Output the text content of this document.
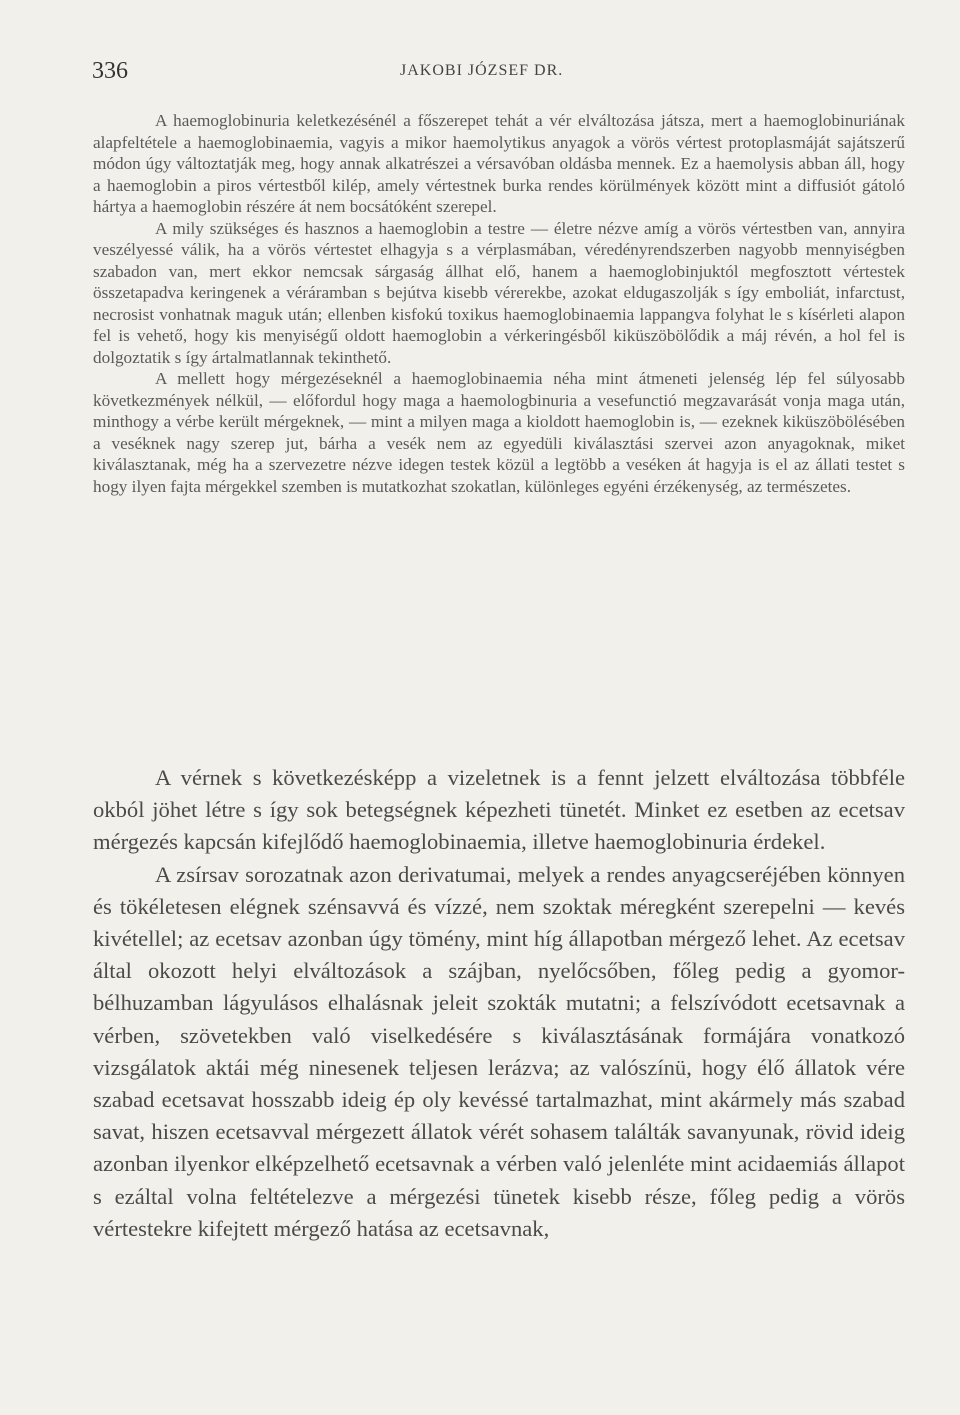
336	JAKOBI JÓZSEF DR.

A haemoglobinuria keletkezésénél a főszerepet tehát a vér elváltozása játsza, mert a haemoglobinuriának alapfeltétele a haemoglobinaemia, vagyis a mikor haemolytikus anyagok a vörös vértest protoplasmáját sajátszerű módon úgy változtatják meg, hogy annak alkatrészei a vérsavóban oldásba mennek. Ez a haemolysis abban áll, hogy a haemoglobin a piros vértestből kilép, amely vértestnek burka rendes körülmények között mint a diffusiót gátoló hártya a haemoglobin részére át nem bocsátóként szerepel.

A mily szükséges és hasznos a haemoglobin a testre — életre nézve amíg a vörös vértestben van, annyira veszélyessé válik, ha a vörös vértestet elhagyja s a vérplasmában, véredényrendszerben nagyobb mennyiségben szabadon van, mert ekkor nemcsak sárgaság állhat elő, hanem a haemoglobinjuktól megfosztott vértestek összetapadva keringenek a véráramban s bejútva kisebb vérerekbe, azokat eldugaszolják s így emboliát, infarctust, necrosist vonhatnak maguk után; ellenben kisfokú toxikus haemoglobinaemia lappangva folyhat le s kísérleti alapon fel is vehető, hogy kis menyiségű oldott haemoglobin a vérkeringésből kiküszöbölődik a máj révén, a hol fel is dolgoztatik s így ártalmatlannak tekinthető.

A mellett hogy mérgezéseknél a haemoglobinaemia néha mint átmeneti jelenség lép fel súlyosabb következmények nélkül, — előfordul hogy maga a haemologbinuria a vesefunctió megzavarását vonja maga után, minthogy a vérbe került mérgeknek, — mint a milyen maga a kioldott haemoglobin is, — ezeknek kiküszöbölésében a veséknek nagy szerep jut, bárha a vesék nem az egyedüli kiválasztási szervei azon anyagoknak, miket kiválasztanak, még ha a szervezetre nézve idegen testek közül a legtöbb a veséken át hagyja is el az állati testet s hogy ilyen fajta mérgekkel szemben is mutatkozhat szokatlan, különleges egyéni érzékenység, az természetes.

A vérnek s következésképp a vizeletnek is a fennt jelzett elváltozása többféle okból jöhet létre s így sok betegségnek képezheti tünetét. Minket ez esetben az ecetsav mérgezés kapcsán kifejlődő haemoglobinaemia, illetve haemoglobinuria érdekel.

A zsírsav sorozatnak azon derivatumai, melyek a rendes anyagcseréjében könnyen és tökéletesen elégnek szénsavvá és vízzé, nem szoktak méregként szerepelni — kevés kivétellel; az ecetsav azonban úgy tömény, mint híg állapotban mérgező lehet. Az ecetsav által okozott helyi elváltozások a szájban, nyelőcsőben, főleg pedig a gyomor-bélhuzamban lágyulásos elhalásnak jeleit szokták mutatni; a felszívódott ecetsavnak a vérben, szövetekben való viselkedésére s kiválasztásának formájára vonatkozó vizsgálatok aktái még ninesenek teljesen lerázva; az valószínü, hogy élő állatok vére szabad ecetsavat hosszabb ideig ép oly kevéssé tartalmazhat, mint akármely más szabad savat, hiszen ecetsavval mérgezett állatok vérét sohasem találták savanyunak, rövid ideig azonban ilyenkor elképzelhető ecetsavnak a vérben való jelenléte mint acidaemiás állapot s ezáltal volna feltételezve a mérgezési tünetek kisebb része, főleg pedig a vörös vértestekre kifejtett mérgező hatása az ecetsavnak,
